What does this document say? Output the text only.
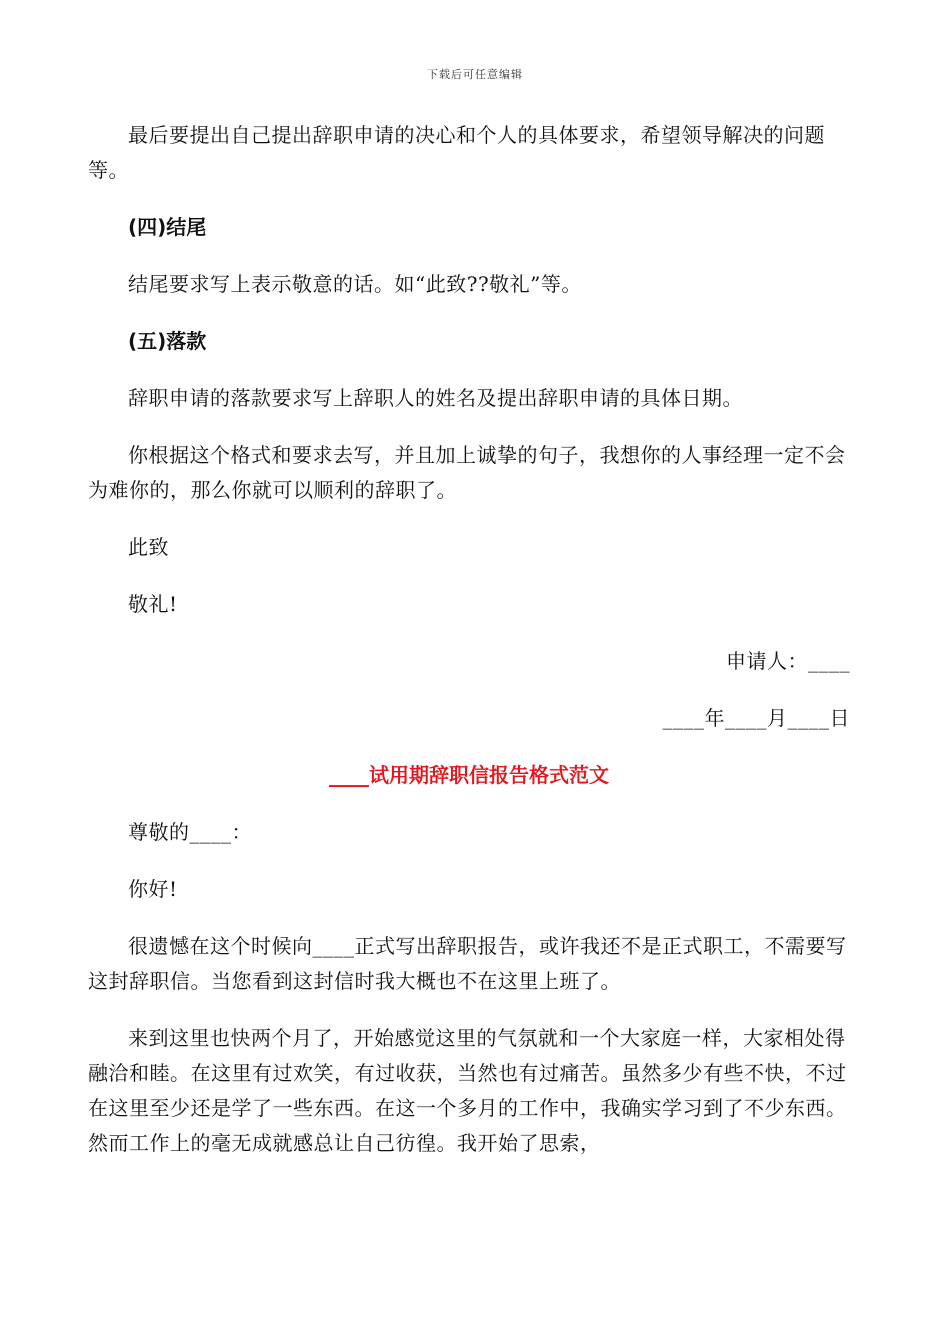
下载后可任意编辑

最后要提出自己提出辞职申请的决心和个人的具体要求，希望领导解决的问题等。

(四)结尾

结尾要求写上表示敬意的话。如“此致??敬礼”等。

(五)落款

辞职申请的落款要求写上辞职人的姓名及提出辞职申请的具体日期。

你根据这个格式和要求去写，并且加上诚挚的句子，我想你的人事经理一定不会为难你的，那么你就可以顺利的辞职了。

此致

敬礼!

申请人：____

____年____月____日

____试用期辞职信报告格式范文

尊敬的____：

你好!

很遗憾在这个时候向____正式写出辞职报告，或许我还不是正式职工，不需要写这封辞职信。当您看到这封信时我大概也不在这里上班了。

来到这里也快两个月了，开始感觉这里的气氛就和一个大家庭一样，大家相处得融洽和睦。在这里有过欢笑，有过收获，当然也有过痛苦。虽然多少有些不快，不过在这里至少还是学了一些东西。在这一个多月的工作中，我确实学习到了不少东西。然而工作上的毫无成就感总让自己彷徨。我开始了思索，
